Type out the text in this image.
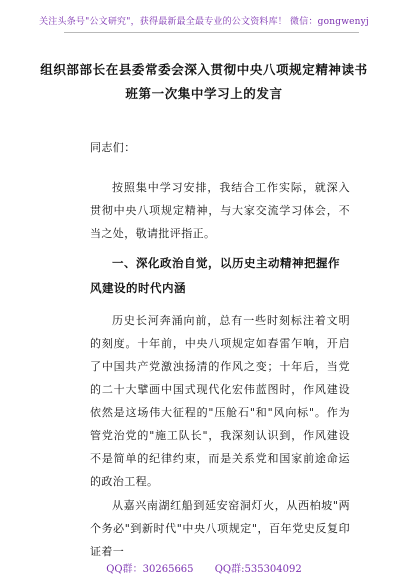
关注头条号"公文研究"，获得最新最全最专业的公文资料库！ 微信：gongwenyj
组织部部长在县委常委会深入贯彻中央八项规定精神读书班第一次集中学习上的发言
同志们：
按照集中学习安排，我结合工作实际，就深入贯彻中央八项规定精神，与大家交流学习体会，不当之处，敬请批评指正。
一、深化政治自觉，以历史主动精神把握作风建设的时代内涵
历史长河奔涌向前，总有一些时刻标注着文明的刻度。十年前，中央八项规定如春雷乍响，开启了中国共产党激浊扬清的作风之变；十年后，当党的二十大擘画中国式现代化宏伟蓝图时，作风建设依然是这场伟大征程的"压舱石"和"风向标"。作为管党治党的"施工队长"，我深刻认识到，作风建设不是简单的纪律约束，而是关系党和国家前途命运的政治工程。
从嘉兴南湖红船到延安窑洞灯火，从西柏坡"两个务必"到新时代"中央八项规定"，百年党史反复印证着一
QQ群：30265665 QQ群:535304092
